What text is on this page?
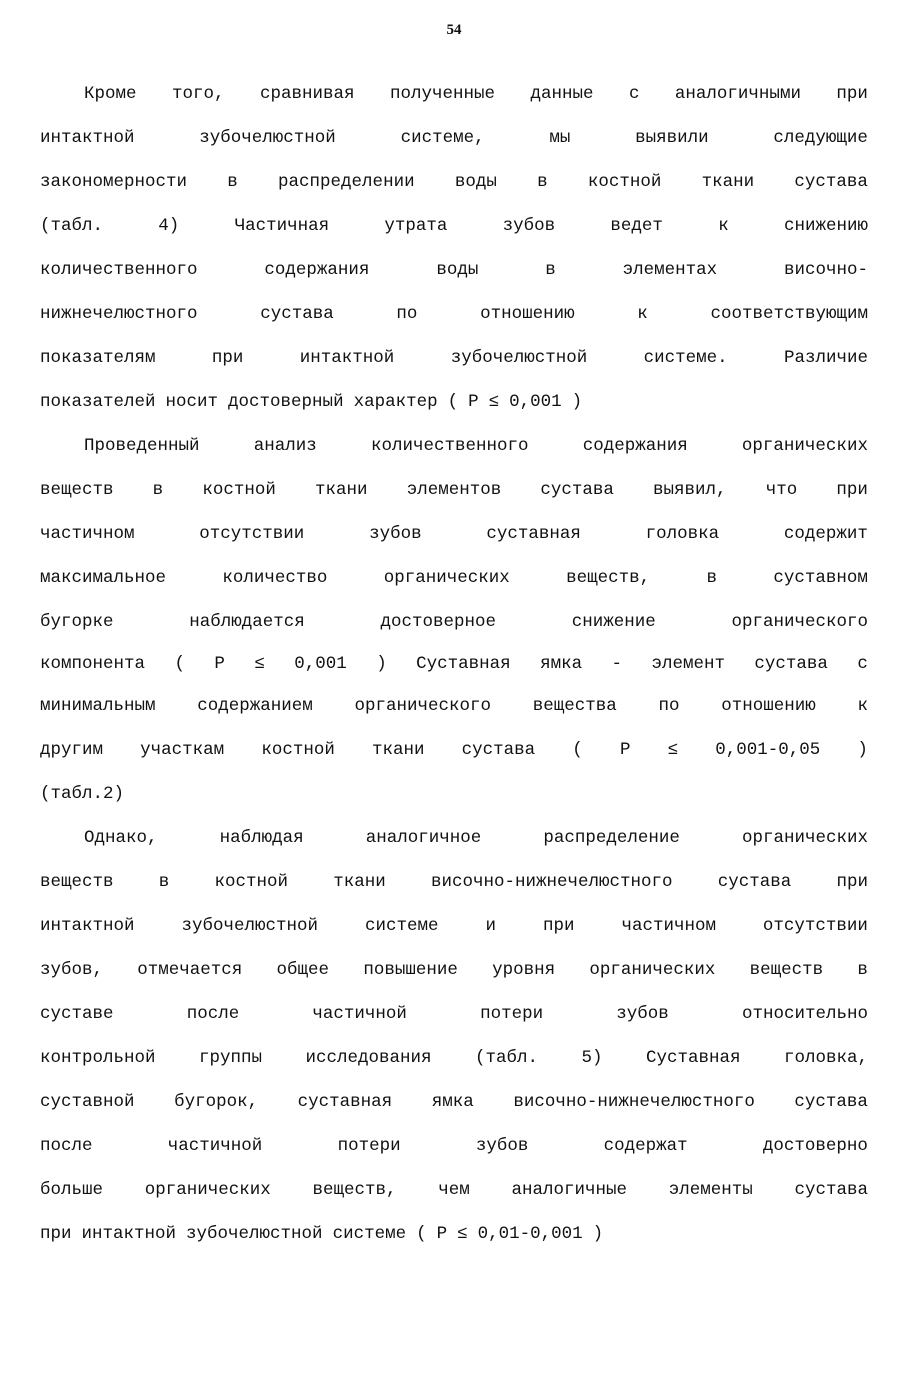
54
Кроме того, сравнивая полученные данные с аналогичными при
интактной	зубочелюстной	системе,	мы	выявили	следующие
закономерности в распределении воды в костной ткани сустава
(табл.	4)	Частичная	утрата	зубов	ведет	к	снижению
количественного	содержания	воды	в	элементах	височно-
нижнечелюстного	сустава	по	отношению	к	соответствующим
показателям	при	интактной	зубочелюстной	системе.	Различие
показателей носит достоверный характер ( Р ≤ 0,001 )
Проведенный	анализ	количественного	содержания	органических
веществ в костной ткани элементов сустава выявил, что при
частичном	отсутствии	зубов	суставная	головка	содержит
максимальное	количество	органических	веществ,	в	суставном
бугорке	наблюдается	достоверное	снижение	органического
компонента ( Р ≤ 0,001 ) Суставная ямка - элемент сустава с
минимальным содержанием органического вещества по отношению к
другим участкам костной ткани сустава ( Р ≤ 0,001-0,05 )
(табл.2)
Однако,	наблюдая	аналогичное	распределение	органических
веществ	в	костной	ткани	височно-нижнечелюстного	сустава	при
интактной	зубочелюстной	системе	и	при	частичном	отсутствии
зубов, отмечается общее повышение уровня органических веществ в
суставе	после	частичной	потери	зубов	относительно
контрольной группы исследования (табл. 5) Суставная головка,
суставной бугорок, суставная ямка височно-нижнечелюстного сустава
после	частичной	потери	зубов	содержат	достоверно
больше органических веществ, чем аналогичные элементы сустава
при интактной зубочелюстной системе ( Р ≤ 0,01-0,001 )
